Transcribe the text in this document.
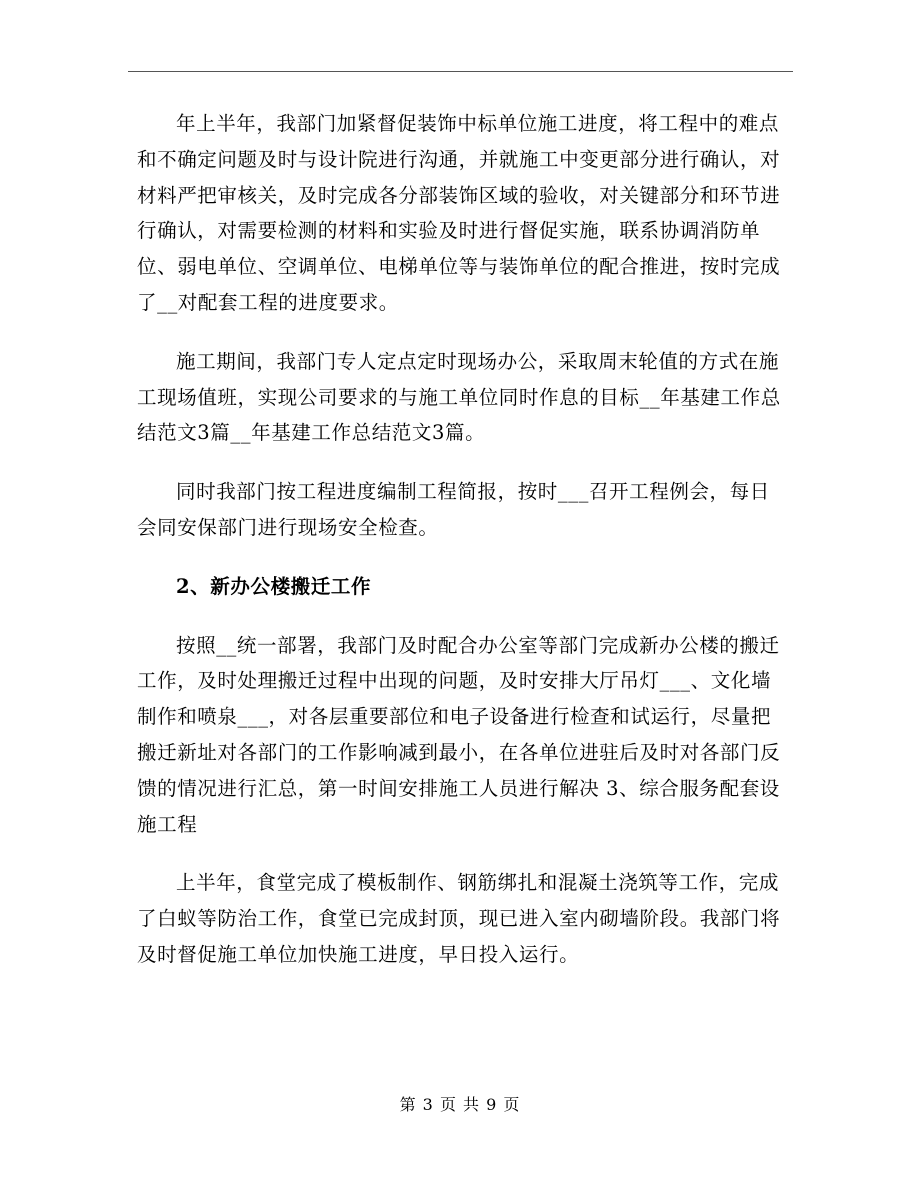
年上半年，我部门加紧督促装饰中标单位施工进度，将工程中的难点和不确定问题及时与设计院进行沟通，并就施工中变更部分进行确认，对材料严把审核关，及时完成各分部装饰区域的验收，对关键部分和环节进行确认，对需要检测的材料和实验及时进行督促实施，联系协调消防单位、弱电单位、空调单位、电梯单位等与装饰单位的配合推进，按时完成了__对配套工程的进度要求。

施工期间，我部门专人定点定时现场办公，采取周末轮值的方式在施工现场值班，实现公司要求的与施工单位同时作息的目标__年基建工作总结范文3篇__年基建工作总结范文3篇。

同时我部门按工程进度编制工程简报，按时___召开工程例会，每日会同安保部门进行现场安全检查。

2、新办公楼搬迁工作

按照__统一部署，我部门及时配合办公室等部门完成新办公楼的搬迁工作，及时处理搬迁过程中出现的问题，及时安排大厅吊灯___、文化墙制作和喷泉___，对各层重要部位和电子设备进行检查和试运行，尽量把搬迁新址对各部门的工作影响减到最小，在各单位进驻后及时对各部门反馈的情况进行汇总，第一时间安排施工人员进行解决 3、综合服务配套设施工程

上半年，食堂完成了模板制作、钢筋绑扎和混凝土浇筑等工作，完成了白蚁等防治工作，食堂已完成封顶，现已进入室内砌墙阶段。我部门将及时督促施工单位加快施工进度，早日投入运行。

第 3 页 共 9 页
